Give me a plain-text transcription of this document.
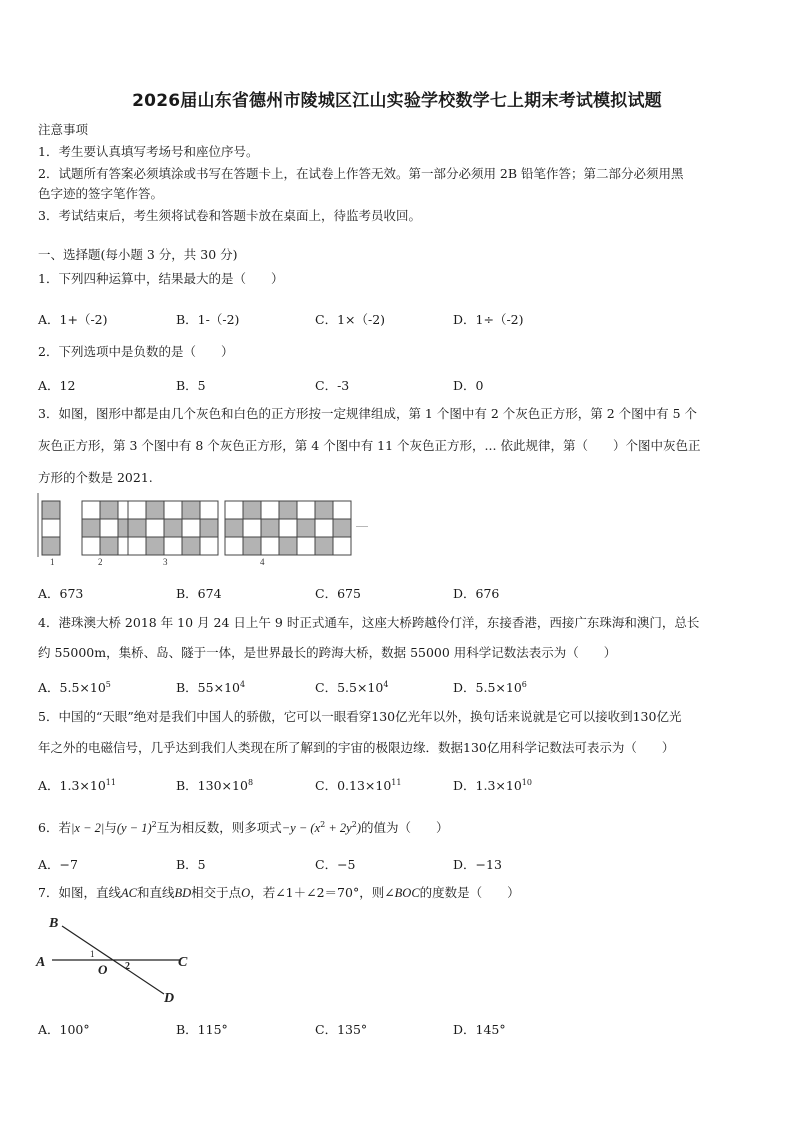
2026届山东省德州市陵城区江山实验学校数学七上期末考试模拟试题
注意事项
1．考生要认真填写考场号和座位序号。
2．试题所有答案必须填涂或书写在答题卡上，在试卷上作答无效。第一部分必须用 2B 铅笔作答；第二部分必须用黑
色字迹的签字笔作答。
3．考试结束后，考生须将试卷和答题卡放在桌面上，待监考员收回。
一、选择题(每小题 3 分，共 30 分)
1．下列四种运算中，结果最大的是（　　）
A．1+（-2)	B．1-（-2)	C．1×（-2)	D．1÷（-2)
2．下列选项中是负数的是（　　）
A．12	B．5	C．-3	D．0
3．如图，图形中都是由几个灰色和白色的正方形按一定规律组成，第 1 个图中有 2 个灰色正方形，第 2 个图中有 5 个
灰色正方形，第 3 个图中有 8 个灰色正方形，第 4 个图中有 11 个灰色正方形，... 依此规律，第（　　）个图中灰色正
方形的个数是 2021.
1	2	3	4
......
A．673	B．674	C．675	D．676
4．港珠澳大桥 2018 年 10 月 24 日上午 9 时正式通车，这座大桥跨越伶仃洋，东接香港，西接广东珠海和澳门，总长
约 55000m，集桥、岛、隧于一体，是世界最长的跨海大桥，数据 55000 用科学记数法表示为（　　）
A．$5.5\times 10^5$	B．$55\times 10^4$	C．$5.5\times 10^4$	D．$5.5\times 10^6$
5．中国的“天眼”绝对是我们中国人的骄傲，它可以一眼看穿130亿光年以外，换句话来说就是它可以接收到130亿光
年之外的电磁信号，几乎达到我们人类现在所了解到的宇宙的极限边缘．数据130亿用科学记数法可表示为（　　）
A．$1.3\times 10^{11}$	B．$130\times 10^8$	C．$0.13\times 10^{11}$	D．$1.3\times 10^{10}$
6．若|x − 2|与$(y - 1)^2$互为相反数，则多项式$-y - (x^2 + 2y^2)$的值为（　　）
A．−7	B．5	C．−5	D．−13
7．如图，直线AC和直线BD相交于点O，若∠1＋∠2＝70°，则∠BOC的度数是（　　）
B
A	C
D
O
1
2
A．100°	B．115°	C．135°	D．145°
